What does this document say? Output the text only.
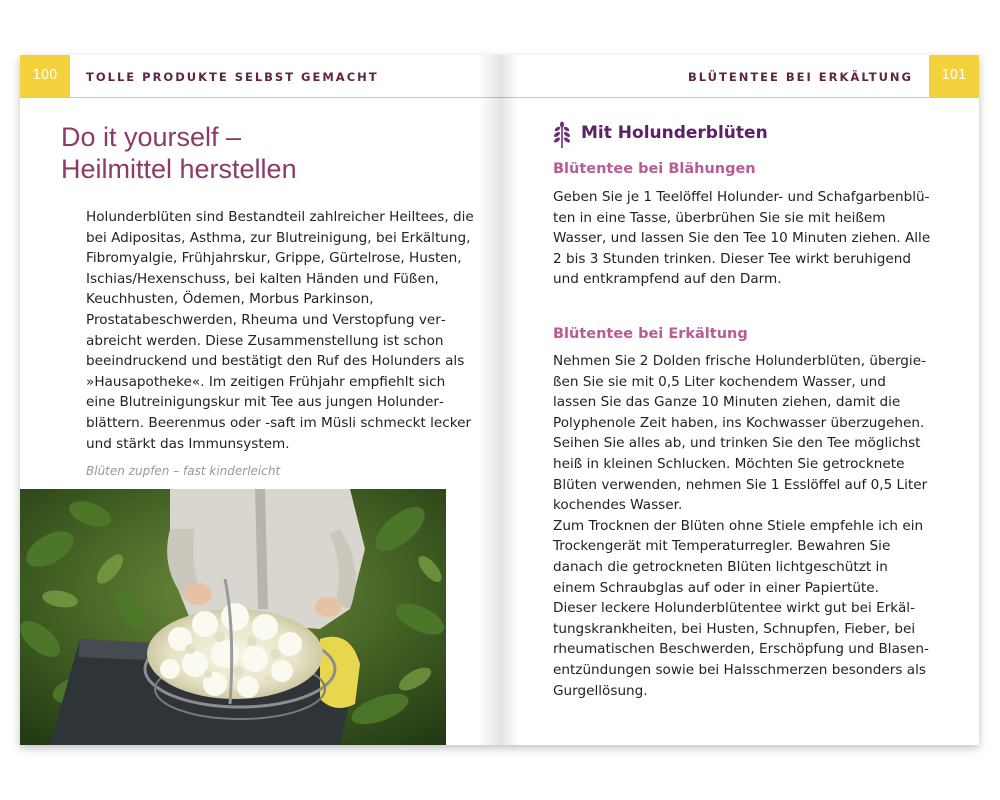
100	TOLLE PRODUKTE SELBST GEMACHT
Do it yourself –
Heilmittel herstellen

Holunderblüten sind Bestandteil zahlreicher Heiltees, die bei Adipositas, Asthma, zur Blutreinigung, bei Erkältung, Fibromyalgie, Frühjahrskur, Grippe, Gürtelrose, Husten, Ischias/Hexenschuss, bei kalten Händen und Füßen, Keuchhusten, Ödemen, Morbus Parkinson, Prostatabeschwerden, Rheuma und Verstopfung verabreicht werden. Diese Zusammenstellung ist schon beeindruckend und bestätigt den Ruf des Holunders als »Hausapotheke«. Im zeitigen Frühjahr empfiehlt sich eine Blutreinigungskur mit Tee aus jungen Holunderblättern. Beerenmus oder -saft im Müsli schmeckt lecker und stärkt das Immunsystem.

Blüten zupfen – fast kinderleicht

BLÜTENTEE BEI ERKÄLTUNG	101
Mit Holunderblüten
Blütentee bei Blähungen

Geben Sie je 1 Teelöffel Holunder- und Schafgarbenblüten in eine Tasse, überbrühen Sie sie mit heißem Wasser, und lassen Sie den Tee 10 Minuten ziehen. Alle 2 bis 3 Stunden trinken. Dieser Tee wirkt beruhigend und entkrampfend auf den Darm.

Blütentee bei Erkältung

Nehmen Sie 2 Dolden frische Holunderblüten, übergießen Sie sie mit 0,5 Liter kochendem Wasser, und lassen Sie das Ganze 10 Minuten ziehen, damit die Polyphenole Zeit haben, ins Kochwasser überzugehen. Seihen Sie alles ab, und trinken Sie den Tee möglichst heiß in kleinen Schlucken. Möchten Sie getrocknete Blüten verwenden, nehmen Sie 1 Esslöffel auf 0,5 Liter kochendes Wasser.
Zum Trocknen der Blüten ohne Stiele empfehle ich ein Trockengerät mit Temperaturregler. Bewahren Sie danach die getrockneten Blüten lichtgeschützt in einem Schraubglas auf oder in einer Papiertüte.
Dieser leckere Holunderblütentee wirkt gut bei Erkältungskrankheiten, bei Husten, Schnupfen, Fieber, bei rheumatischen Beschwerden, Erschöpfung und Blasenentzündungen sowie bei Halsschmerzen besonders als Gurgellösung.
